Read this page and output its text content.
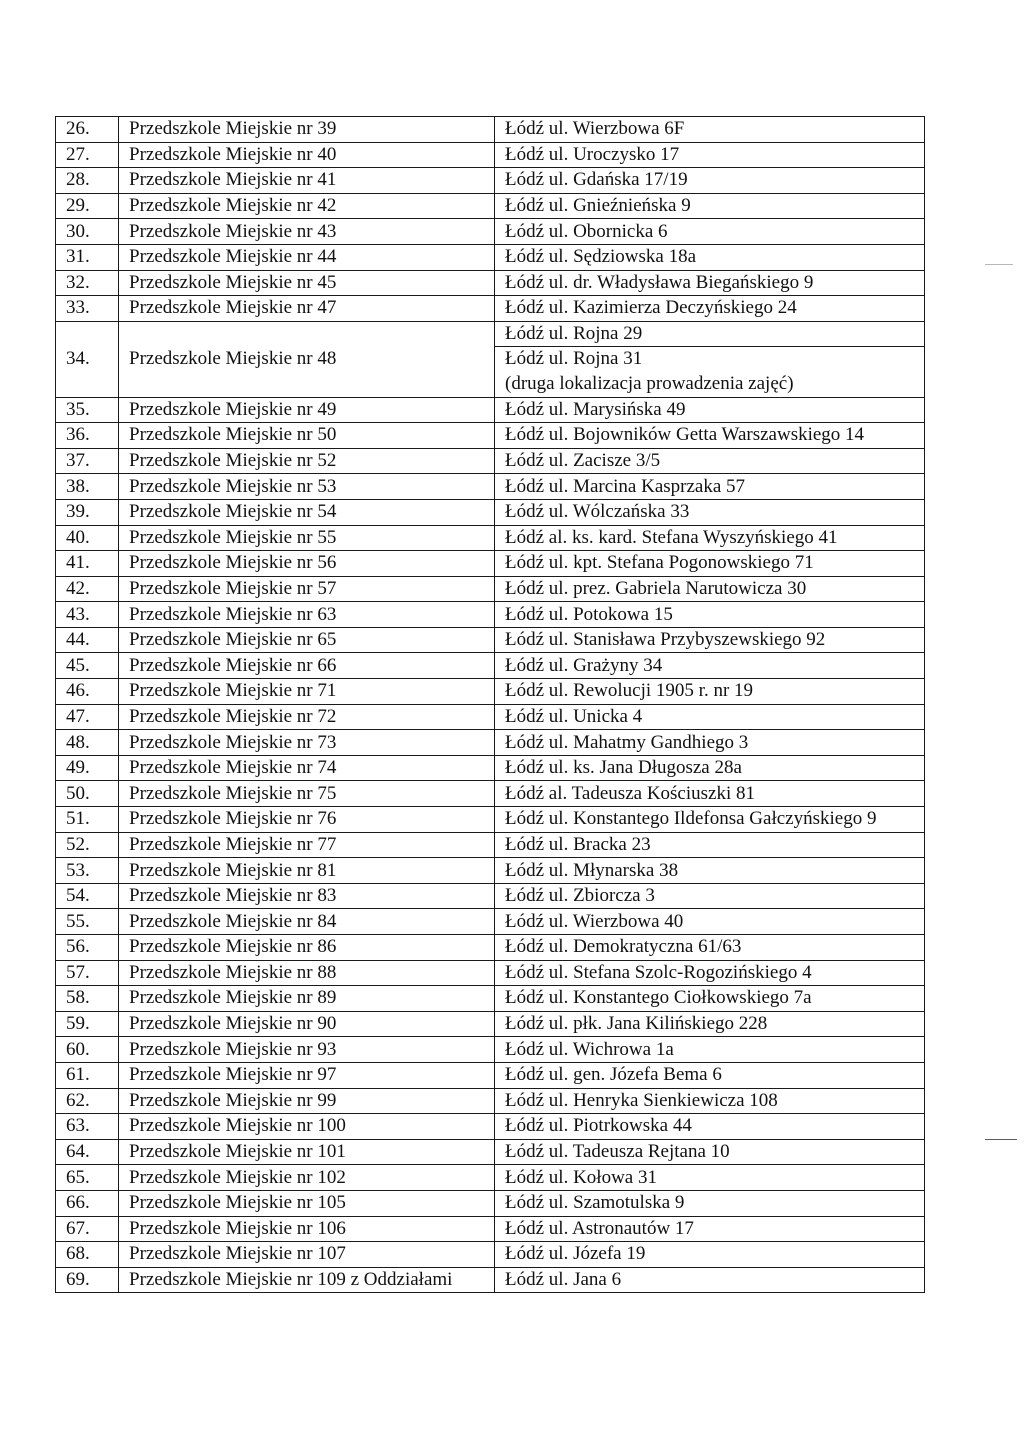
26.	Przedszkole Miejskie nr 39	Łódź ul. Wierzbowa 6F
27.	Przedszkole Miejskie nr 40	Łódź ul. Uroczysko 17
28.	Przedszkole Miejskie nr 41	Łódź ul. Gdańska 17/19
29.	Przedszkole Miejskie nr 42	Łódź ul. Gnieźnieńska 9
30.	Przedszkole Miejskie nr 43	Łódź ul. Obornicka 6
31.	Przedszkole Miejskie nr 44	Łódź ul. Sędziowska 18a
32.	Przedszkole Miejskie nr 45	Łódź ul. dr. Władysława Biegańskiego 9
33.	Przedszkole Miejskie nr 47	Łódź ul. Kazimierza Deczyńskiego 24
34.	Przedszkole Miejskie nr 48	Łódź ul. Rojna 29
Łódź ul. Rojna 31
(druga lokalizacja prowadzenia zajęć)

35.	Przedszkole Miejskie nr 49	Łódź ul. Marysińska 49
36.	Przedszkole Miejskie nr 50	Łódź ul. Bojowników Getta Warszawskiego 14
37.	Przedszkole Miejskie nr 52	Łódź ul. Zacisze 3/5
38.	Przedszkole Miejskie nr 53	Łódź ul. Marcina Kasprzaka 57
39.	Przedszkole Miejskie nr 54	Łódź ul. Wólczańska 33
40.	Przedszkole Miejskie nr 55	Łódź al. ks. kard. Stefana Wyszyńskiego 41
41.	Przedszkole Miejskie nr 56	Łódź ul. kpt. Stefana Pogonowskiego 71
42.	Przedszkole Miejskie nr 57	Łódź ul. prez. Gabriela Narutowicza 30
43.	Przedszkole Miejskie nr 63	Łódź ul. Potokowa 15
44.	Przedszkole Miejskie nr 65	Łódź ul. Stanisława Przybyszewskiego 92
45.	Przedszkole Miejskie nr 66	Łódź ul. Grażyny 34
46.	Przedszkole Miejskie nr 71	Łódź ul. Rewolucji 1905 r. nr 19
47.	Przedszkole Miejskie nr 72	Łódź ul. Unicka 4
48.	Przedszkole Miejskie nr 73	Łódź ul. Mahatmy Gandhiego 3
49.	Przedszkole Miejskie nr 74	Łódź ul. ks. Jana Długosza 28a
50.	Przedszkole Miejskie nr 75	Łódź al. Tadeusza Kościuszki 81
51.	Przedszkole Miejskie nr 76	Łódź ul. Konstantego Ildefonsa Gałczyńskiego 9
52.	Przedszkole Miejskie nr 77	Łódź ul. Bracka 23
53.	Przedszkole Miejskie nr 81	Łódź ul. Młynarska 38
54.	Przedszkole Miejskie nr 83	Łódź ul. Zbiorcza 3
55.	Przedszkole Miejskie nr 84	Łódź ul. Wierzbowa 40
56.	Przedszkole Miejskie nr 86	Łódź ul. Demokratyczna 61/63
57.	Przedszkole Miejskie nr 88	Łódź ul. Stefana Szolc-Rogozińskiego 4
58.	Przedszkole Miejskie nr 89	Łódź ul. Konstantego Ciołkowskiego 7a
59.	Przedszkole Miejskie nr 90	Łódź ul. płk. Jana Kilińskiego 228
60.	Przedszkole Miejskie nr 93	Łódź ul. Wichrowa 1a
61.	Przedszkole Miejskie nr 97	Łódź ul. gen. Józefa Bema 6
62.	Przedszkole Miejskie nr 99	Łódź ul. Henryka Sienkiewicza 108
63.	Przedszkole Miejskie nr 100	Łódź ul. Piotrkowska 44
64.	Przedszkole Miejskie nr 101	Łódź ul. Tadeusza Rejtana 10
65.	Przedszkole Miejskie nr 102	Łódź ul. Kołowa 31
66.	Przedszkole Miejskie nr 105	Łódź ul. Szamotulska 9
67.	Przedszkole Miejskie nr 106	Łódź ul. Astronautów 17
68.	Przedszkole Miejskie nr 107	Łódź ul. Józefa 19
69.	Przedszkole Miejskie nr 109 z Oddziałami	Łódź ul. Jana 6
